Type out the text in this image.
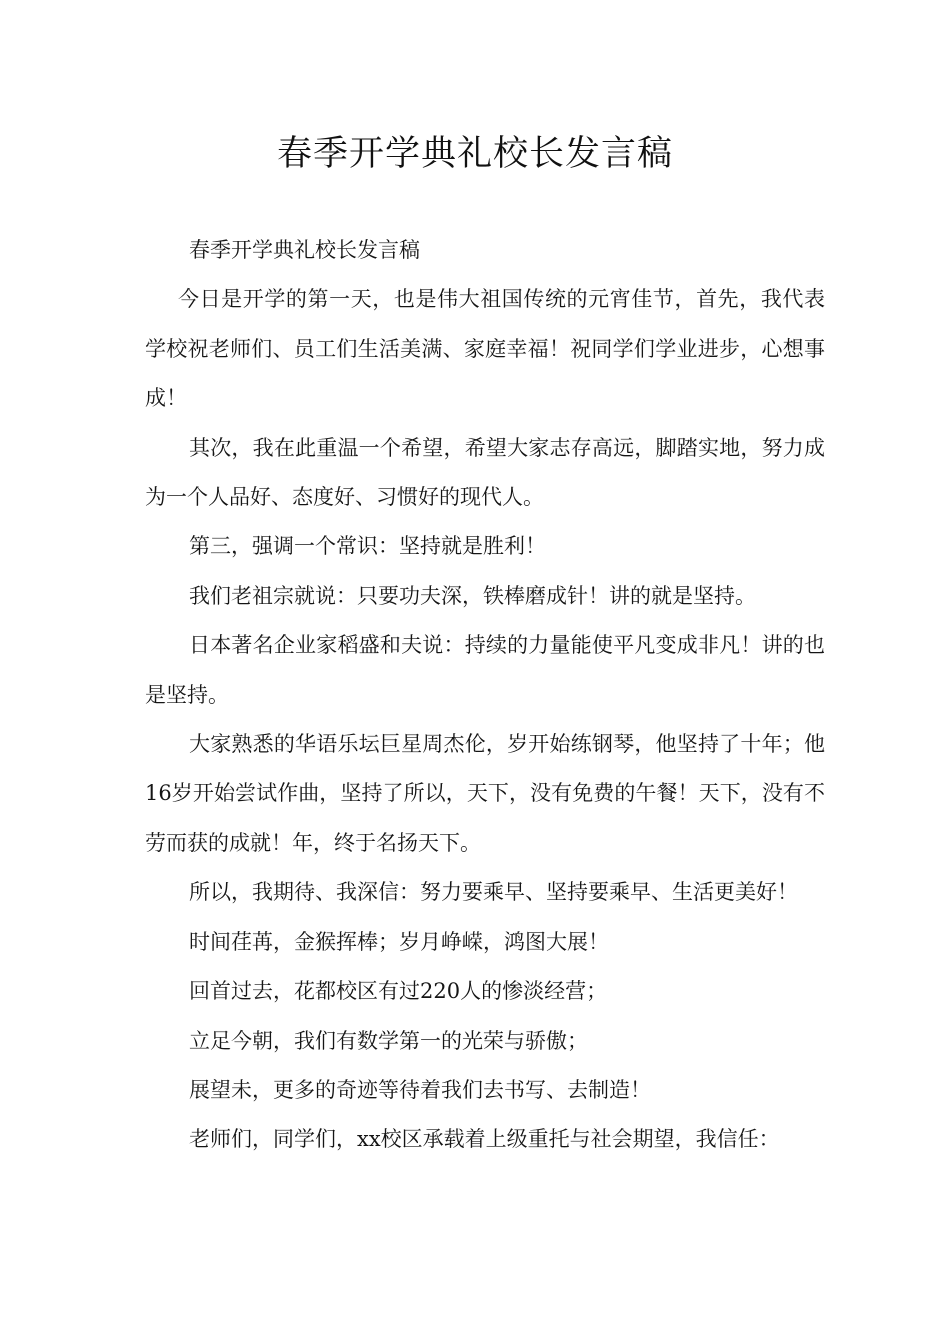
春季开学典礼校长发言稿

春季开学典礼校长发言稿

今日是开学的第一天，也是伟大祖国传统的元宵佳节，首先，我代表学校祝老师们、员工们生活美满、家庭幸福！祝同学们学业进步，心想事成！

其次，我在此重温一个希望，希望大家志存高远，脚踏实地，努力成为一个人品好、态度好、习惯好的现代人。

第三，强调一个常识：坚持就是胜利！

我们老祖宗就说：只要功夫深，铁棒磨成针！讲的就是坚持。

日本著名企业家稻盛和夫说：持续的力量能使平凡变成非凡！讲的也是坚持。

大家熟悉的华语乐坛巨星周杰伦，岁开始练钢琴，他坚持了十年；他16岁开始尝试作曲，坚持了所以，天下，没有免费的午餐！天下，没有不劳而获的成就！年，终于名扬天下。

所以，我期待、我深信：努力要乘早、坚持要乘早、生活更美好！

时间荏苒，金猴挥棒；岁月峥嵘，鸿图大展！

回首过去，花都校区有过220人的惨淡经营；

立足今朝，我们有数学第一的光荣与骄傲；

展望未，更多的奇迹等待着我们去书写、去制造！

老师们，同学们，xx校区承载着上级重托与社会期望，我信任：
